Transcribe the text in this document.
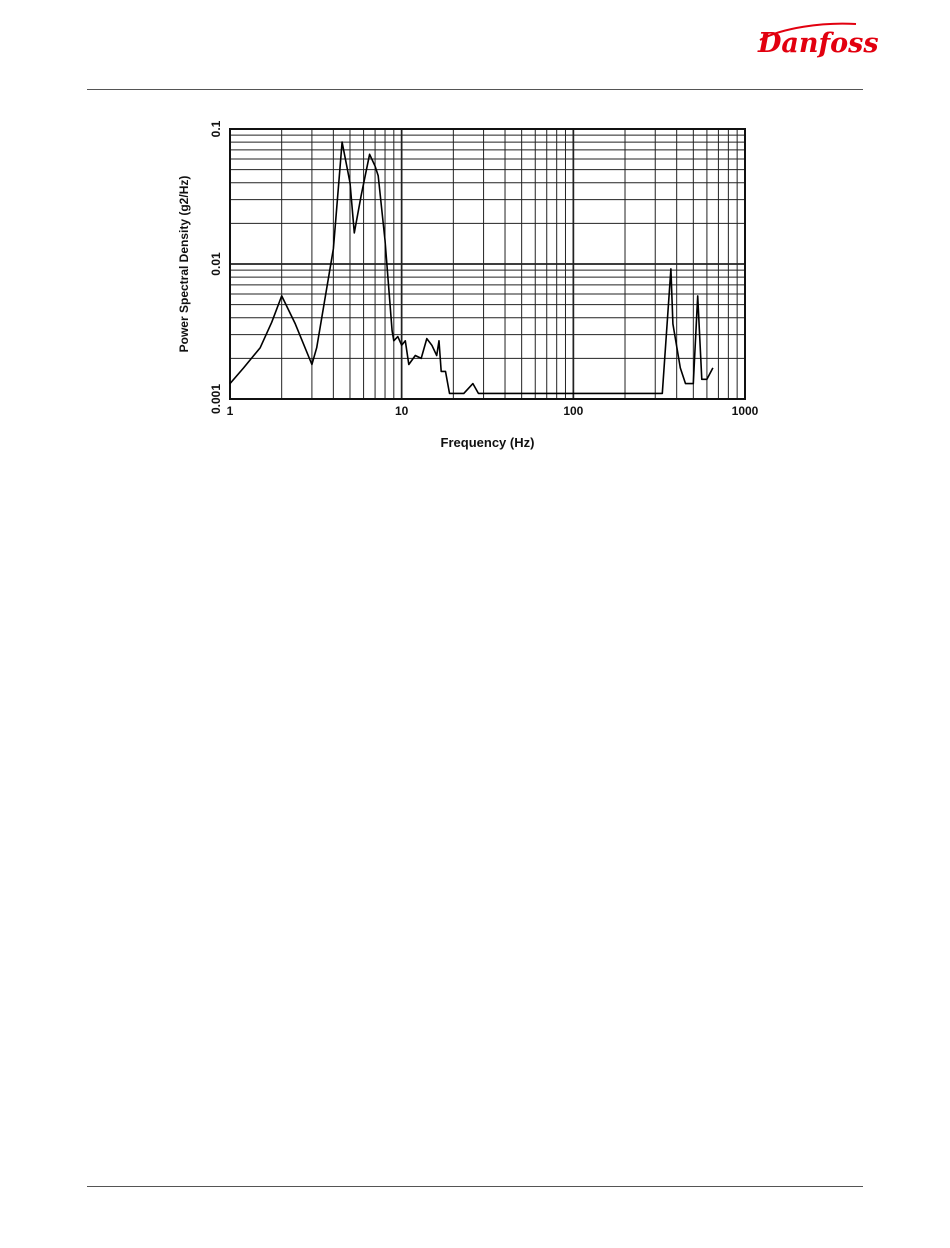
Danfoss
1	10	100	1000
0.001
0.01
0.1
Frequency (Hz)
Power Spectral Density (g2/Hz)
